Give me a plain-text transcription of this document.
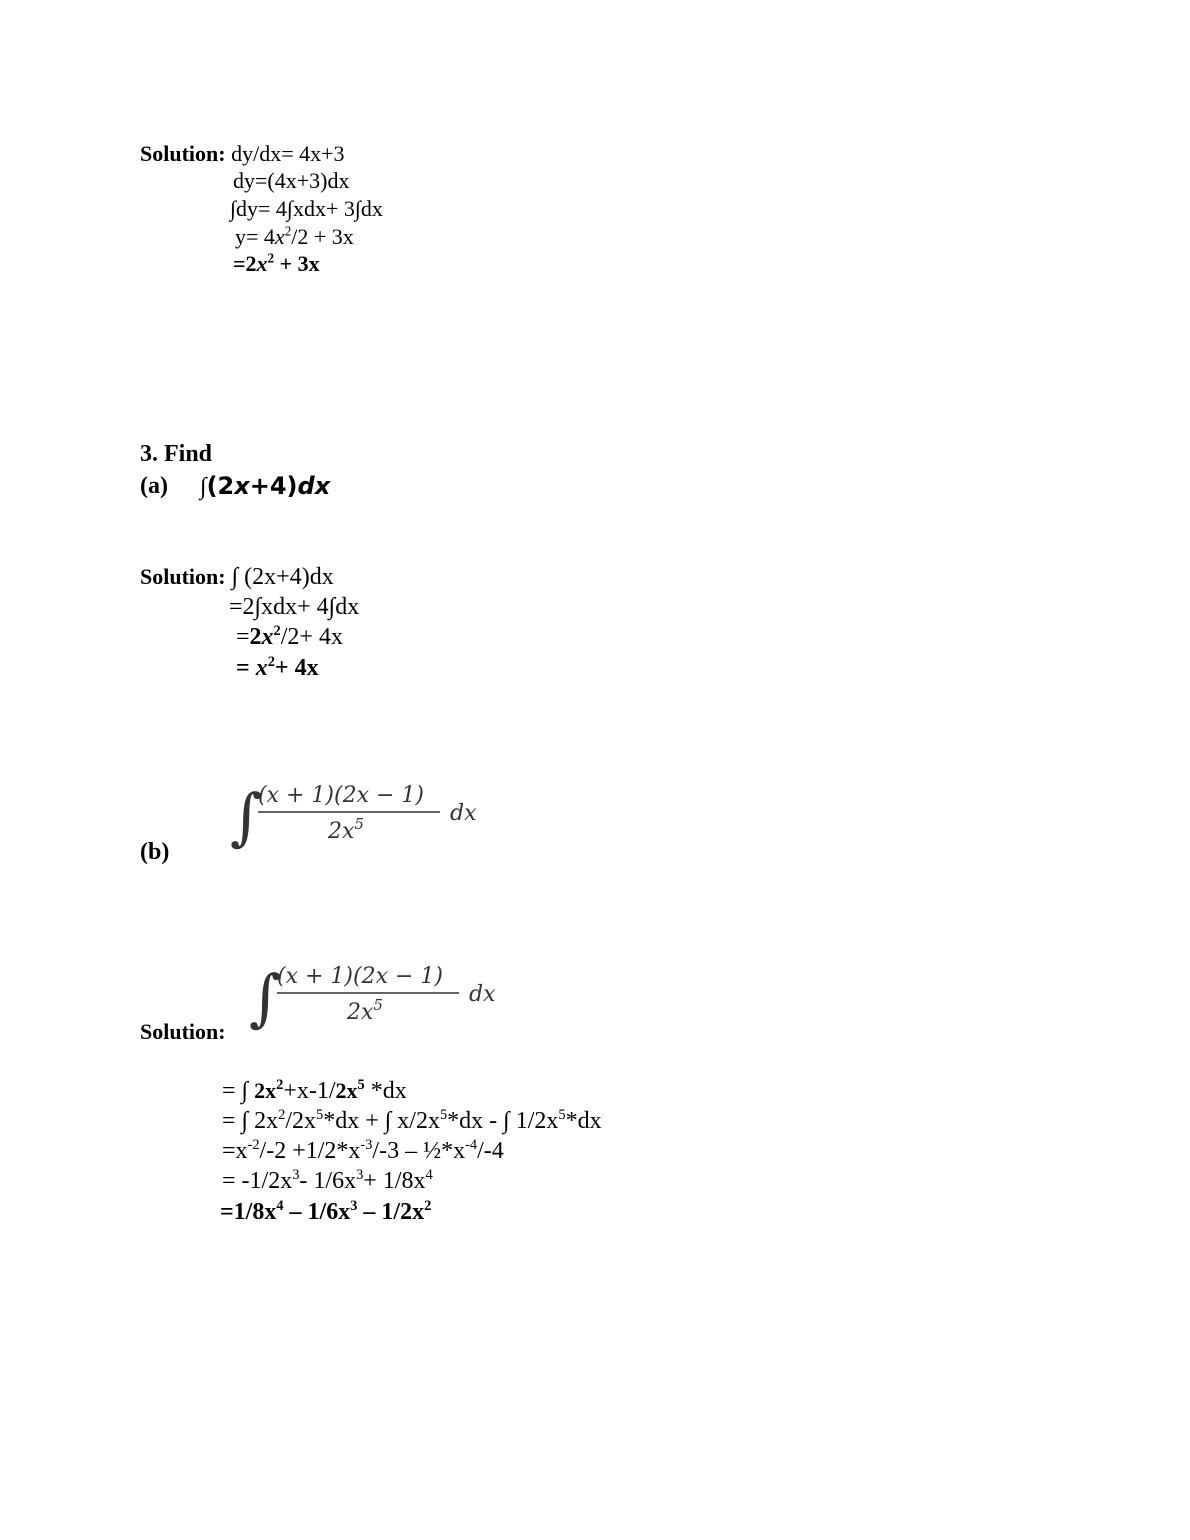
Solution: dy/dx= 4x+3
dy=(4x+3)dx
∫dy= 4∫xdx+ 3∫dx
$y= 4x^2/2 + 3x$
$=2x^2 + 3x$
3. Find
(a) ∫(2x+4)dx
Solution: ∫ (2x+4)dx
=2∫xdx+ 4∫dx
$=2x^2/2+ 4x$
= $x^2+ 4x$
∫
(x + 1)(2x − 1)
$2x^5$	dx
(b)
∫
(x + 1)(2x − 1)
$2x^5$	dx
Solution:
= ∫ $2x^2+x-1/2x^5$ *dx
= ∫ $2x^2/2x^5*dx$ + ∫ $x/2x^5*dx$ - ∫ $1/2x^5*dx$
$=x^{-2}/-2 +1/2*x^{-3}/-3$ – $\frac{1}{2}*x^{-4}/-4$
= $-1/2x^3-$ $1/6x^3+ 1/8x^4$
$=1/8x^4 - 1/6x^3 - 1/2x^2$
